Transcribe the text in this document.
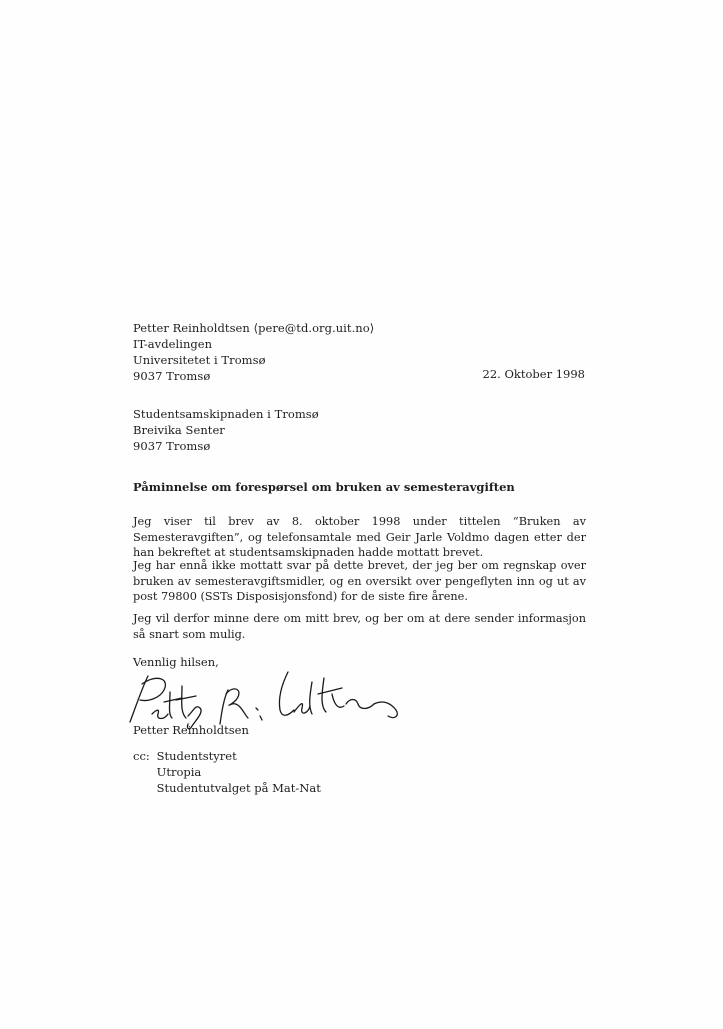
Petter Reinholdtsen ⟨pere@td.org.uit.no⟩
IT-avdelingen
Universitetet i Tromsø
9037 Tromsø	22. Oktober 1998
Studentsamskipnaden i Tromsø
Breivika Senter
9037 Tromsø
Påminnelse om forespørsel om bruken av semesteravgiften

Jeg viser til brev av 8. oktober 1998 under tittelen “Bruken av Semesteravgiften”, og telefonsamtale med Geir Jarle Voldmo dagen etter der han bekreftet at studentsamskipnaden hadde mottatt brevet.

Jeg har ennå ikke mottatt svar på dette brevet, der jeg ber om regnskap over bruken av semesteravgiftsmidler, og en oversikt over pengeflyten inn og ut av post 79800 (SSTs Disposisjonsfond) for de siste fire årene.

Jeg vil derfor minne dere om mitt brev, og ber om at dere sender informasjon så snart som mulig.

Vennlig hilsen,
Petter Reinholdtsen
cc: Studentstyret
Utropia
Studentutvalget på Mat-Nat
